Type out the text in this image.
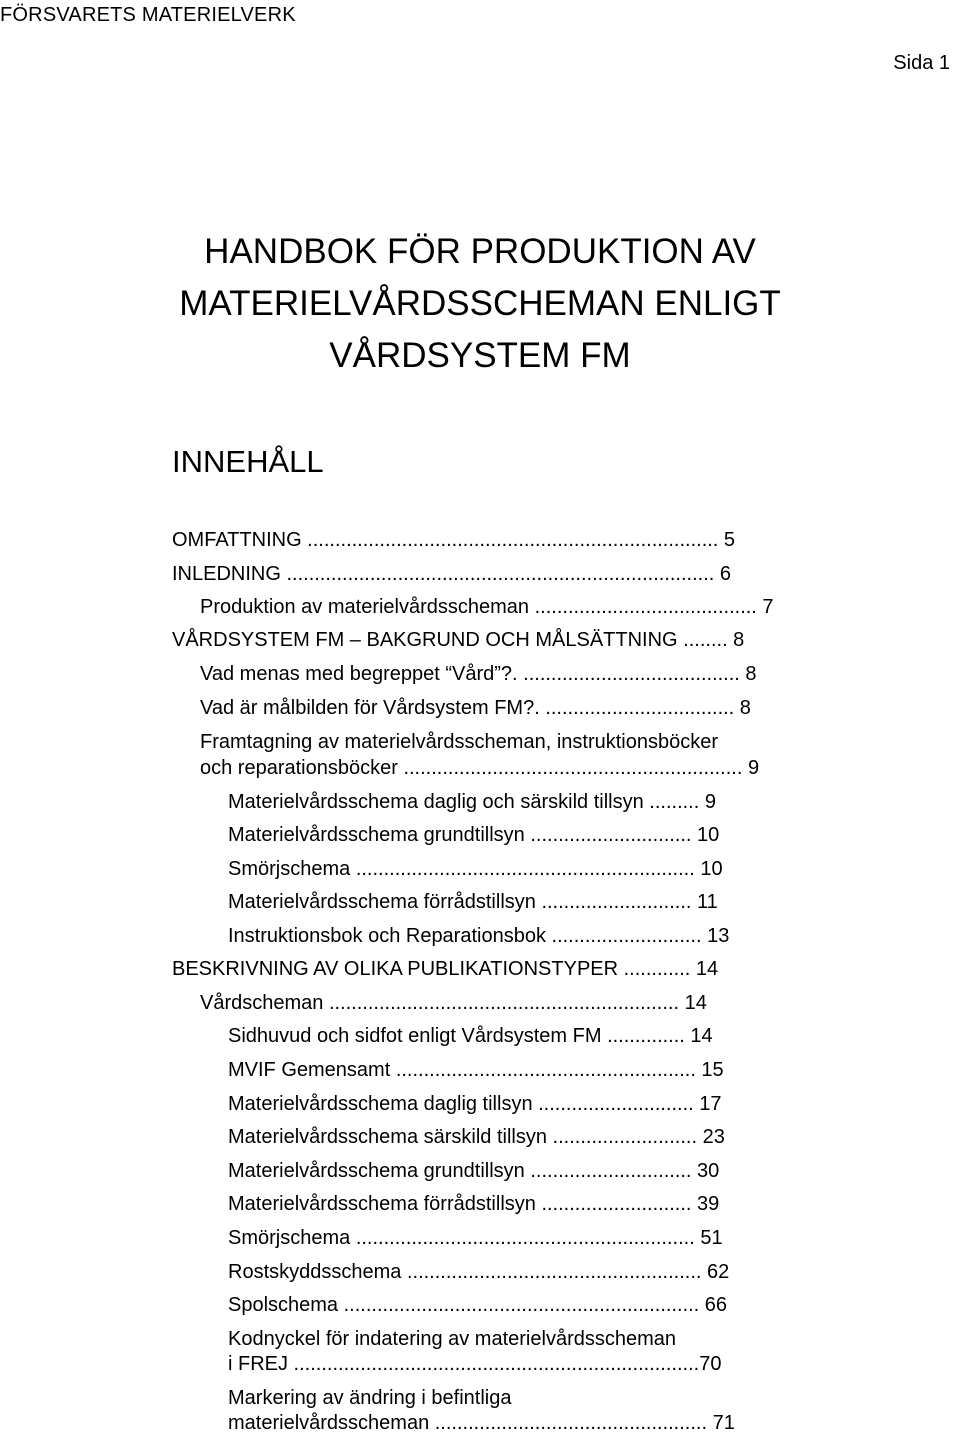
FÖRSVARETS MATERIELVERK
Sida 1
HANDBOK FÖR PRODUKTION AV
MATERIELVÅRDSSCHEMAN ENLIGT
VÅRDSYSTEM FM
INNEHÅLL
OMFATTNING .......................................................................... 5
INLEDNING ............................................................................. 6
Produktion av materielvårdsscheman ........................................ 7
VÅRDSYSTEM FM – BAKGRUND OCH MÅLSÄTTNING ........ 8
Vad menas med begreppet “Vård”?. ....................................... 8
Vad är målbilden för Vårdsystem FM?. .................................. 8
Framtagning av materielvårdsscheman, instruktionsböcker
och reparationsböcker ............................................................. 9
Materielvårdsschema daglig och särskild tillsyn ......... 9
Materielvårdsschema grundtillsyn ............................. 10
Smörjschema ............................................................. 10
Materielvårdsschema förrådstillsyn ........................... 11
Instruktionsbok och Reparationsbok ........................... 13
BESKRIVNING AV OLIKA PUBLIKATIONSTYPER ............ 14
Vårdscheman ............................................................... 14
Sidhuvud och sidfot enligt Vårdsystem FM .............. 14
MVIF Gemensamt ...................................................... 15
Materielvårdsschema daglig tillsyn ............................ 17
Materielvårdsschema särskild tillsyn .......................... 23
Materielvårdsschema grundtillsyn ............................. 30
Materielvårdsschema förrådstillsyn ........................... 39
Smörjschema ............................................................. 51
Rostskyddsschema ..................................................... 62
Spolschema ................................................................ 66
Kodnyckel för indatering av materielvårdsscheman
i FREJ .........................................................................70
Markering av ändring i befintliga
materielvårdsscheman ................................................. 71
